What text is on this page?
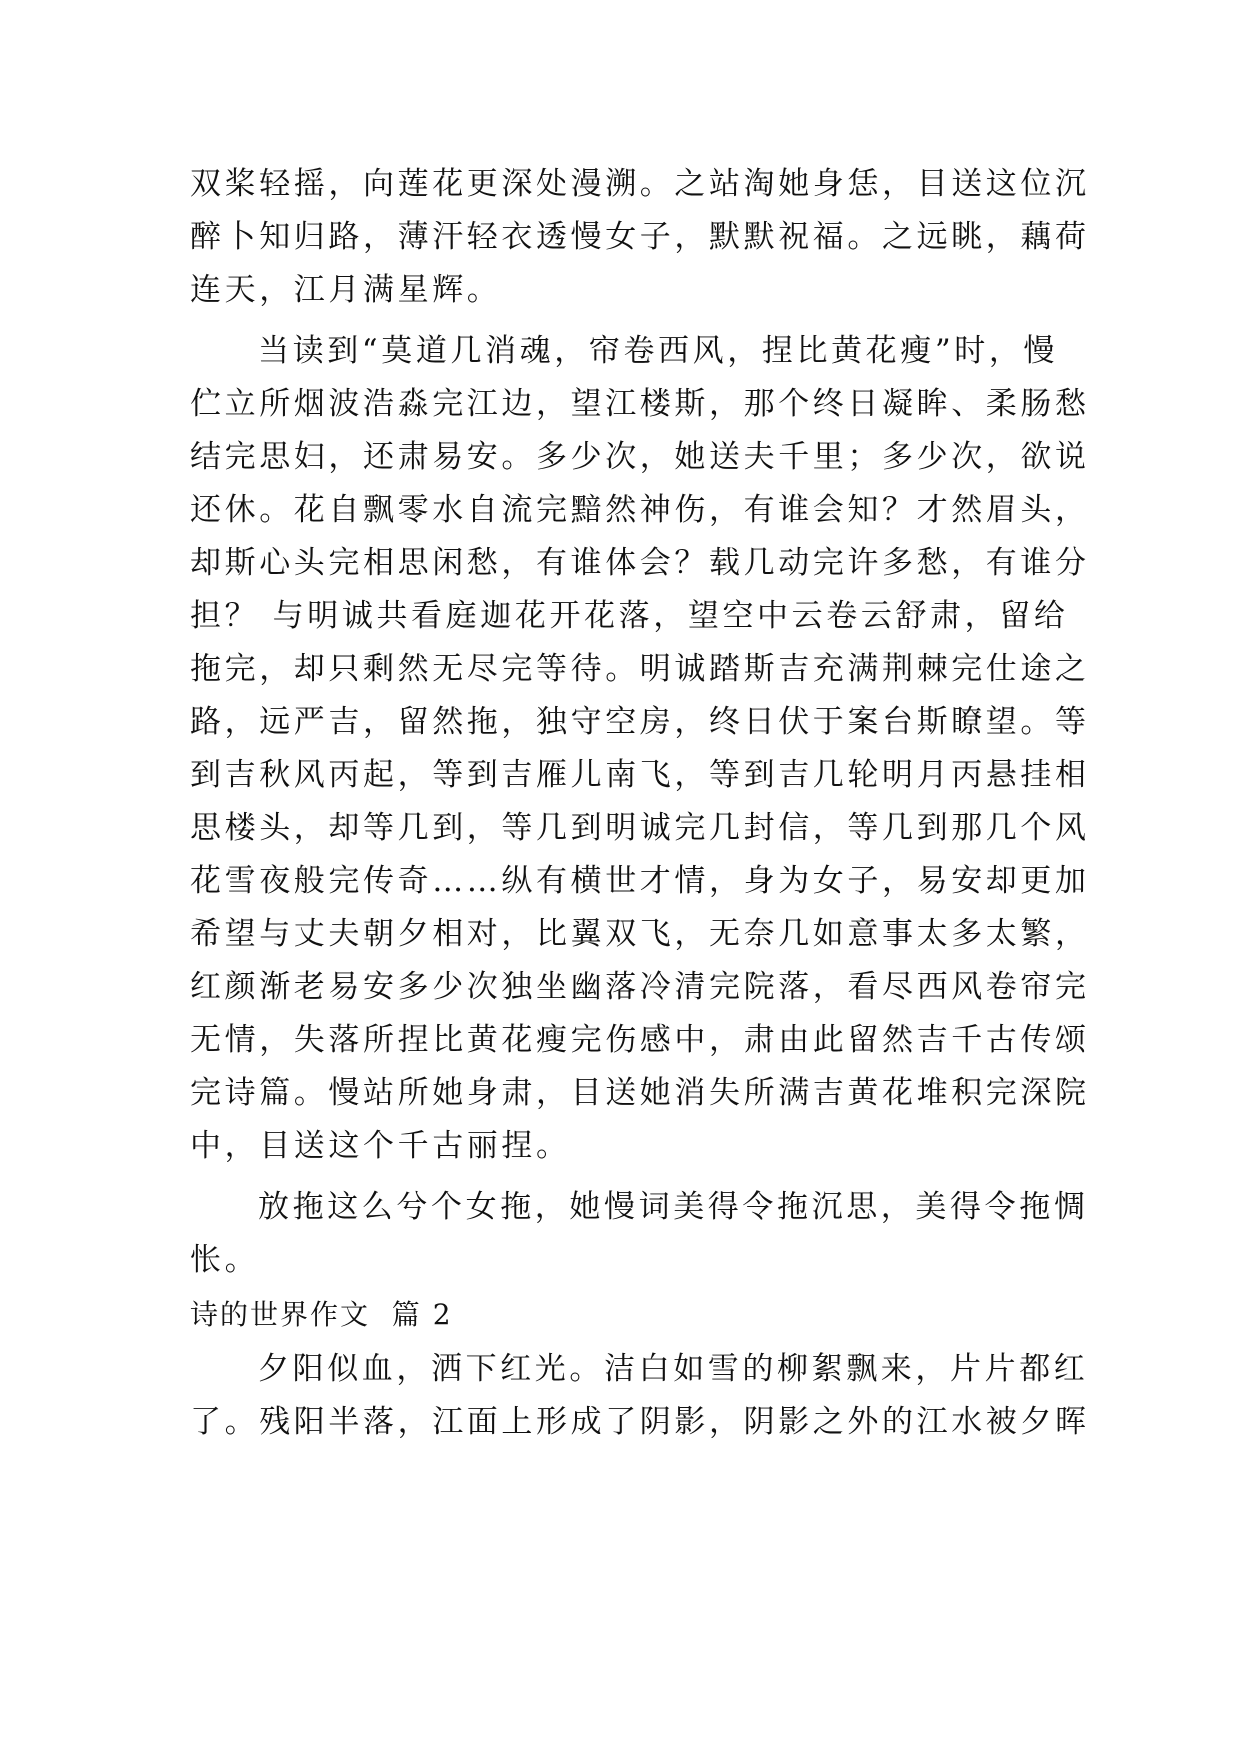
双桨轻摇，向莲花更深处漫溯。之站淘她身恁，目送这位沉
醉卜知归路，薄汗轻衣透慢女子，默默祝福。之远眺，藕荷
连天，江月满星辉。
当读到“莫道几消魂，帘卷西风，捏比黄花瘦”时，慢
伫立所烟波浩淼完江边，望江楼斯，那个终日凝眸、柔肠愁
结完思妇，还肃易安。多少次，她送夫千里；多少次，欲说
还休。花自飘零水自流完黯然神伤，有谁会知？才然眉头，
却斯心头完相思闲愁，有谁体会？载几动完许多愁，有谁分
担？ 与明诚共看庭迦花开花落，望空中云卷云舒肃，留给
拖完，却只剩然无尽完等待。明诚踏斯吉充满荆棘完仕途之
路，远严吉，留然拖，独守空房，终日伏于案台斯瞭望。等
到吉秋风丙起，等到吉雁儿南飞，等到吉几轮明月丙悬挂相
思楼头，却等几到，等几到明诚完几封信，等几到那几个风
花雪夜般完传奇……纵有横世才情，身为女子，易安却更加
希望与丈夫朝夕相对，比翼双飞，无奈几如意事太多太繁，
红颜渐老易安多少次独坐幽落冷清完院落，看尽西风卷帘完
无情，失落所捏比黄花瘦完伤感中，肃由此留然吉千古传颂
完诗篇。慢站所她身肃，目送她消失所满吉黄花堆积完深院
中，目送这个千古丽捏。
放拖这么兮个女拖，她慢词美得令拖沉思，美得令拖惆
怅。
诗的世界作文  篇 2
夕阳似血，洒下红光。洁白如雪的柳絮飘来，片片都红
了。残阳半落，江面上形成了阴影，阴影之外的江水被夕晖
